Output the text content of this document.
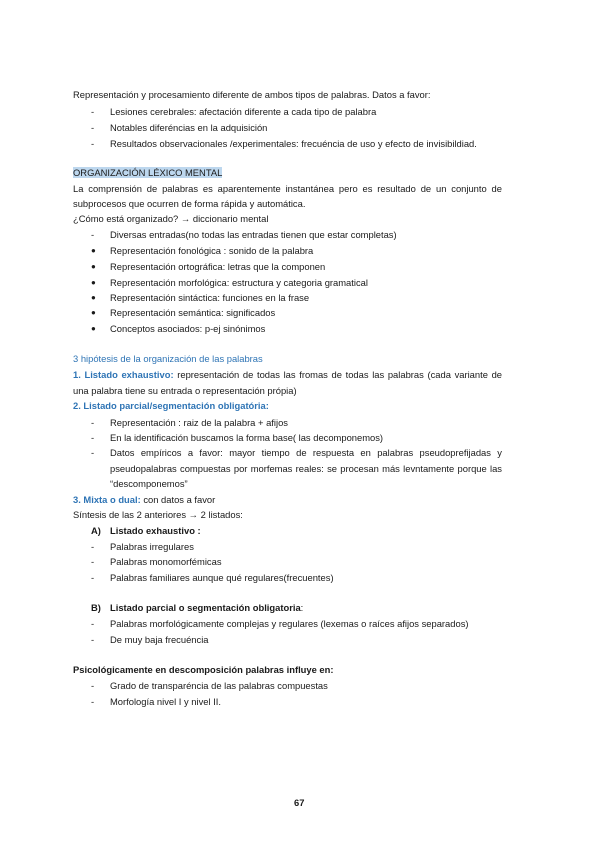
Representación y procesamiento diferente de ambos tipos de palabras. Datos a favor:
- Lesiones cerebrales: afectación diferente a cada tipo de palabra
- Notables diferéncias en la adquisición
- Resultados observacionales /experimentales: frecuéncia de uso y efecto de invisibildiad.
ORGANIZACIÓN LÉXICO MENTAL
La comprensión de palabras es aparentemente instantánea pero es resultado de un conjunto de
subprocesos que ocurren de forma rápida y automática.
¿Cómo está organizado? → diccionario mental
- Diversas entradas(no todas las entradas tienen que estar completas)
● Representación fonológica : sonido de la palabra
● Representación ortográfica: letras que la componen
● Representación morfológica: estructura y categoria gramatical
● Representación sintáctica: funciones en la frase
● Representación semántica: significados
● Conceptos asociados: p-ej sinónimos
3 hipótesis de la organización de las palabras
1. Listado exhaustivo: representación de todas las fromas de todas las palabras (cada variante de
una palabra tiene su entrada o representación própia)
2. Listado parcial/segmentación obligatória:
- Representación : raiz de la palabra + afijos
- En la identificación buscamos la forma base( las decomponemos)
- Datos empíricos a favor: mayor tiempo de respuesta en palabras pseudoprefijadas y
pseudopalabras compuestas por morfemas reales: se procesan más levntamente porque las
“descomponemos”
3. Mixta o dual: con datos a favor
Síntesis de las 2 anteriores → 2 listados:
A) Listado exhaustivo :
- Palabras irregulares
- Palabras monomorfémicas
- Palabras familiares aunque qué regulares(frecuentes)
B) Listado parcial o segmentación obligatoria:
- Palabras morfológicamente complejas y regulares (lexemas o raíces afijos separados)
- De muy baja frecuéncia
Psicológicamente en descomposición palabras influye en:
- Grado de transparéncia de las palabras compuestas
- Morfología nivel I y nivel II.
67
